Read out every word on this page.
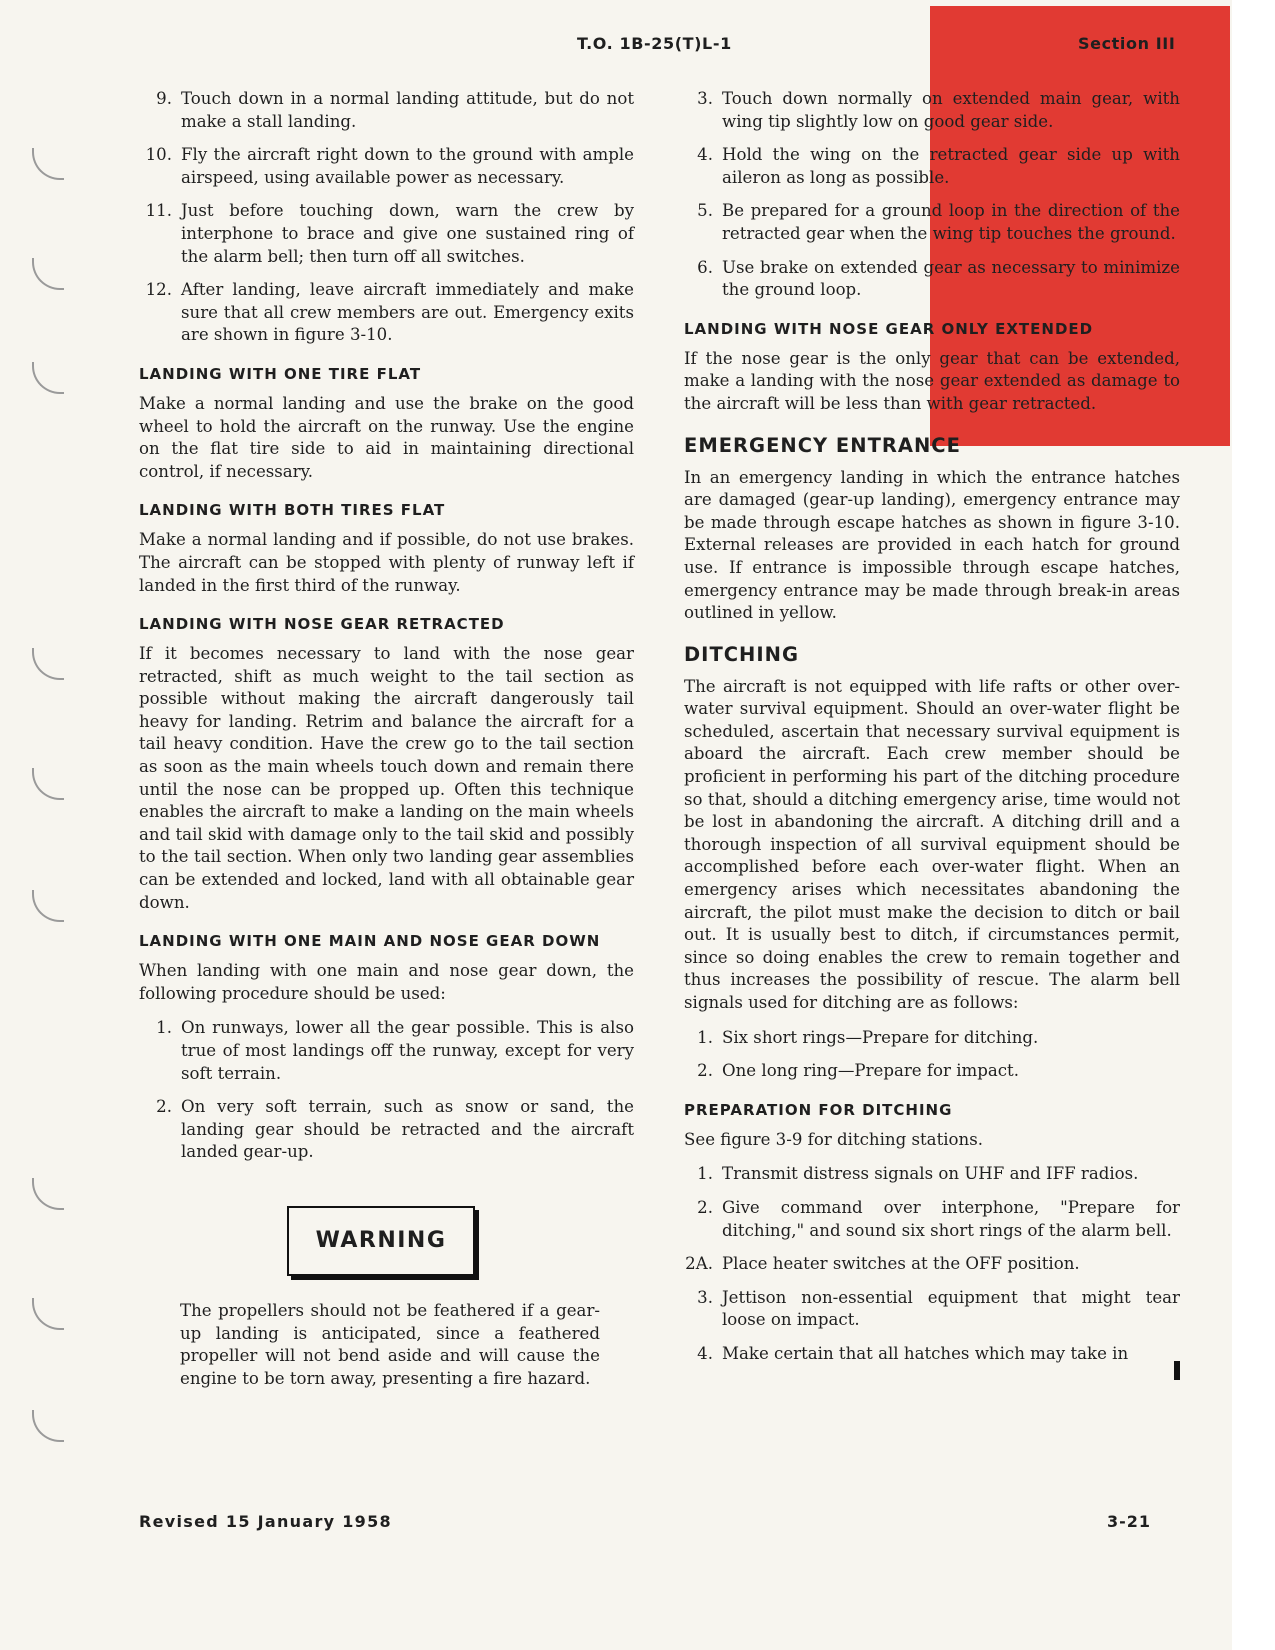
T.O. 1B-25(T)L-1	Section III
9. Touch down in a normal landing attitude, but do not make a stall landing.
10. Fly the aircraft right down to the ground with ample airspeed, using available power as necessary.
11. Just before touching down, warn the crew by interphone to brace and give one sustained ring of the alarm bell; then turn off all switches.
12. After landing, leave aircraft immediately and make sure that all crew members are out. Emergency exits are shown in figure 3-10.
LANDING WITH ONE TIRE FLAT

Make a normal landing and use the brake on the good wheel to hold the aircraft on the runway. Use the engine on the flat tire side to aid in maintaining directional control, if necessary.

LANDING WITH BOTH TIRES FLAT

Make a normal landing and if possible, do not use brakes. The aircraft can be stopped with plenty of runway left if landed in the first third of the runway.

LANDING WITH NOSE GEAR RETRACTED

If it becomes necessary to land with the nose gear retracted, shift as much weight to the tail section as possible without making the aircraft dangerously tail heavy for landing. Retrim and balance the aircraft for a tail heavy condition. Have the crew go to the tail section as soon as the main wheels touch down and remain there until the nose can be propped up. Often this technique enables the aircraft to make a landing on the main wheels and tail skid with damage only to the tail skid and possibly to the tail section. When only two landing gear assemblies can be extended and locked, land with all obtainable gear down.

LANDING WITH ONE MAIN AND NOSE GEAR DOWN

When landing with one main and nose gear down, the following procedure should be used:

1. On runways, lower all the gear possible. This is also true of most landings off the runway, except for very soft terrain.
2. On very soft terrain, such as snow or sand, the landing gear should be retracted and the aircraft landed gear-up.
WARNING

The propellers should not be feathered if a gear-up landing is anticipated, since a feathered propeller will not bend aside and will cause the engine to be torn away, presenting a fire hazard.

3. Touch down normally on extended main gear, with wing tip slightly low on good gear side.
4. Hold the wing on the retracted gear side up with aileron as long as possible.
5. Be prepared for a ground loop in the direction of the retracted gear when the wing tip touches the ground.
6. Use brake on extended gear as necessary to minimize the ground loop.
LANDING WITH NOSE GEAR ONLY EXTENDED

If the nose gear is the only gear that can be extended, make a landing with the nose gear extended as damage to the aircraft will be less than with gear retracted.

EMERGENCY ENTRANCE

In an emergency landing in which the entrance hatches are damaged (gear-up landing), emergency entrance may be made through escape hatches as shown in figure 3-10. External releases are provided in each hatch for ground use. If entrance is impossible through escape hatches, emergency entrance may be made through break-in areas outlined in yellow.

DITCHING

The aircraft is not equipped with life rafts or other over-water survival equipment. Should an over-water flight be scheduled, ascertain that necessary survival equipment is aboard the aircraft. Each crew member should be proficient in performing his part of the ditching procedure so that, should a ditching emergency arise, time would not be lost in abandoning the aircraft. A ditching drill and a thorough inspection of all survival equipment should be accomplished before each over-water flight. When an emergency arises which necessitates abandoning the aircraft, the pilot must make the decision to ditch or bail out. It is usually best to ditch, if circumstances permit, since so doing enables the crew to remain together and thus increases the possibility of rescue. The alarm bell signals used for ditching are as follows:

1. Six short rings—Prepare for ditching.
2. One long ring—Prepare for impact.
PREPARATION FOR DITCHING

See figure 3-9 for ditching stations.

1. Transmit distress signals on UHF and IFF radios.
2. Give command over interphone, "Prepare for ditching," and sound six short rings of the alarm bell.
2A. Place heater switches at the OFF position.
3. Jettison non-essential equipment that might tear loose on impact.
4. Make certain that all hatches which may take in
Revised 15 January 1958	3-21
